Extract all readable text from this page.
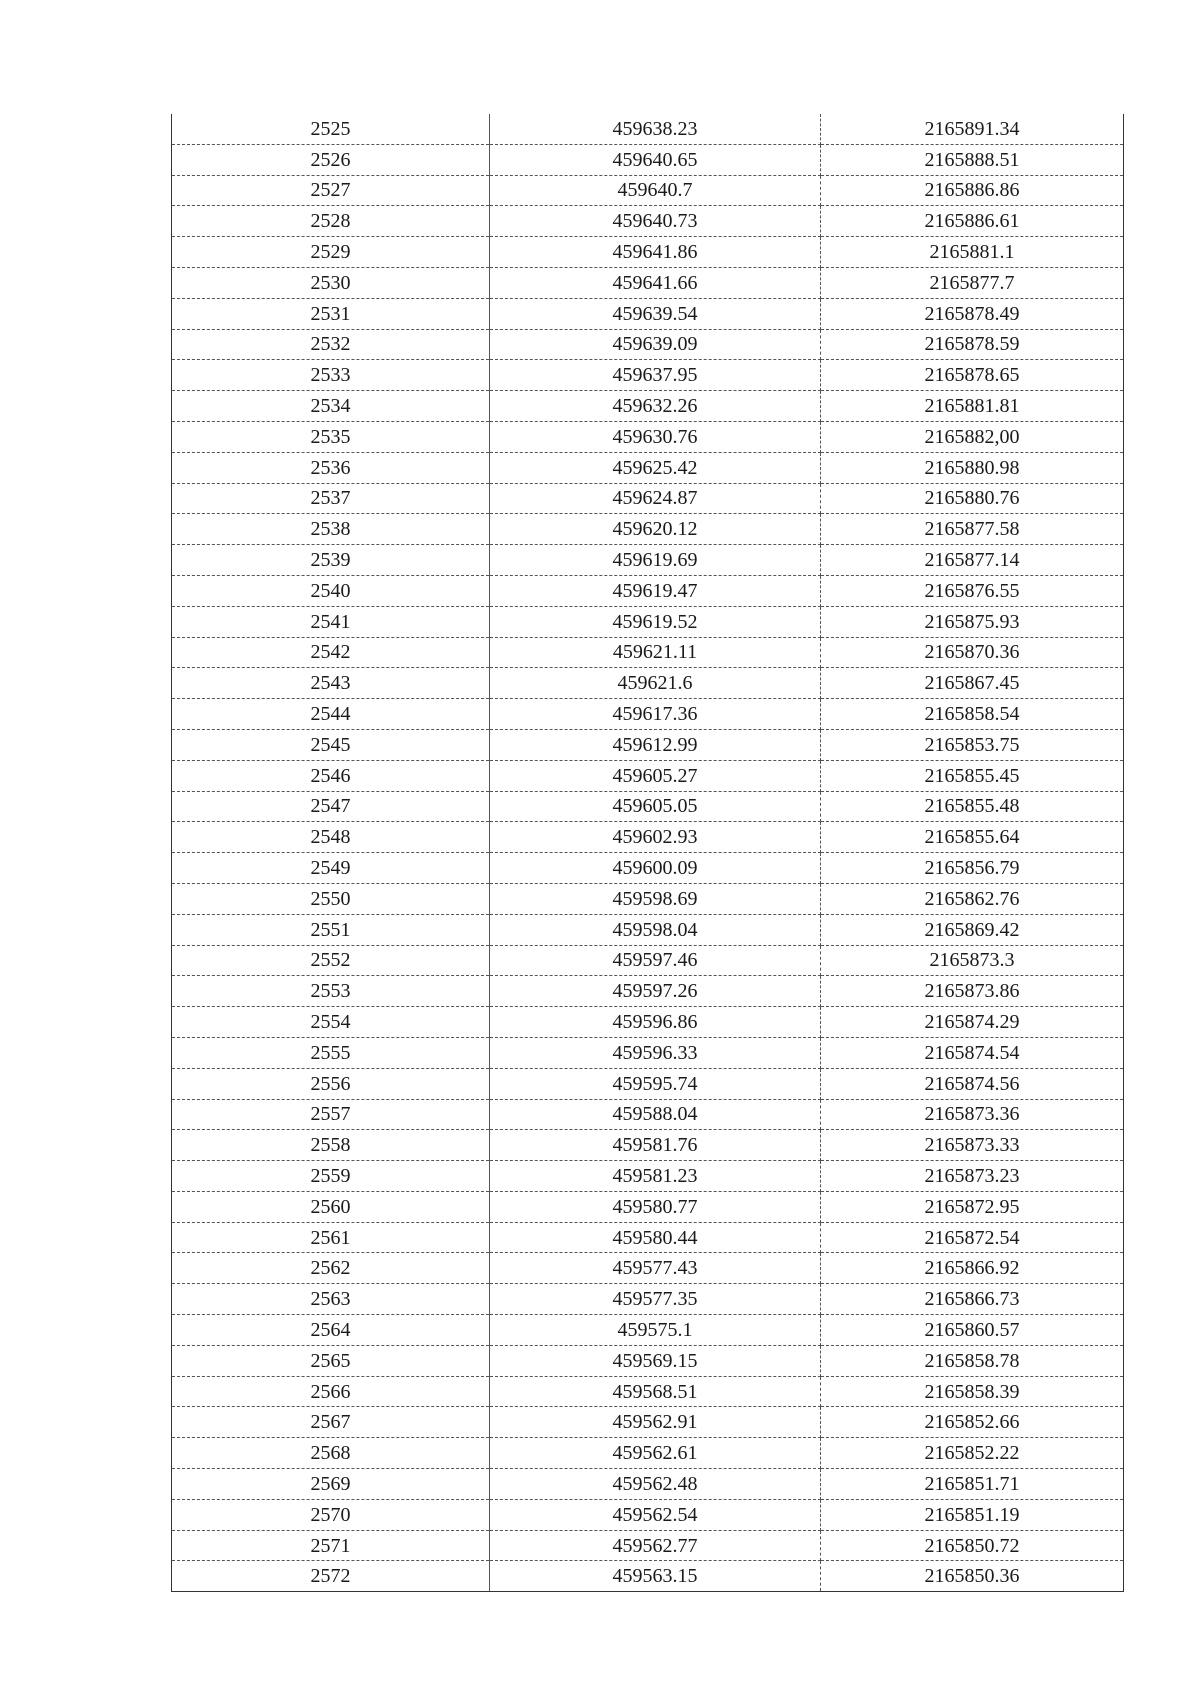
2525	459638.23	2165891.34
2526	459640.65	2165888.51
2527	459640.7	2165886.86
2528	459640.73	2165886.61
2529	459641.86	2165881.1
2530	459641.66	2165877.7
2531	459639.54	2165878.49
2532	459639.09	2165878.59
2533	459637.95	2165878.65
2534	459632.26	2165881.81
2535	459630.76	2165882,00
2536	459625.42	2165880.98
2537	459624.87	2165880.76
2538	459620.12	2165877.58
2539	459619.69	2165877.14
2540	459619.47	2165876.55
2541	459619.52	2165875.93
2542	459621.11	2165870.36
2543	459621.6	2165867.45
2544	459617.36	2165858.54
2545	459612.99	2165853.75
2546	459605.27	2165855.45
2547	459605.05	2165855.48
2548	459602.93	2165855.64
2549	459600.09	2165856.79
2550	459598.69	2165862.76
2551	459598.04	2165869.42
2552	459597.46	2165873.3
2553	459597.26	2165873.86
2554	459596.86	2165874.29
2555	459596.33	2165874.54
2556	459595.74	2165874.56
2557	459588.04	2165873.36
2558	459581.76	2165873.33
2559	459581.23	2165873.23
2560	459580.77	2165872.95
2561	459580.44	2165872.54
2562	459577.43	2165866.92
2563	459577.35	2165866.73
2564	459575.1	2165860.57
2565	459569.15	2165858.78
2566	459568.51	2165858.39
2567	459562.91	2165852.66
2568	459562.61	2165852.22
2569	459562.48	2165851.71
2570	459562.54	2165851.19
2571	459562.77	2165850.72
2572	459563.15	2165850.36
